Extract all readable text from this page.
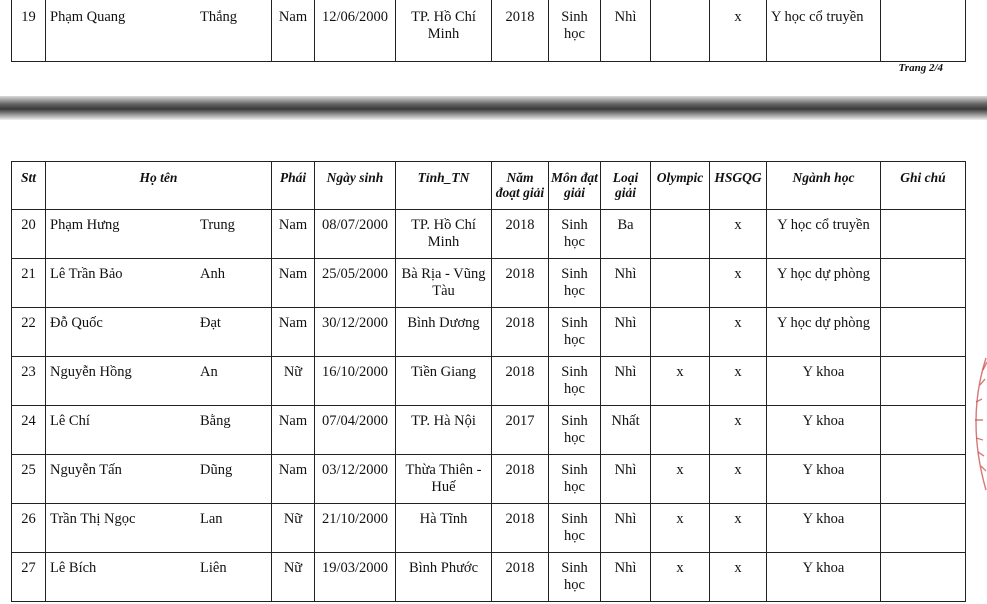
19	Phạm Quang	Thắng	Nam	12/06/2000	TP. Hồ Chí Minh	2018	Sinh học	Nhì		x	Y học cổ truyền	
Trang 2/4
Stt	Họ tên	Phái	Ngày sinh	Tỉnh_TN	Năm đoạt giải	Môn đạt giải	Loại giải	Olympic	HSGQG	Ngành học	Ghi chú
20	Phạm Hưng Trung	Nam	08/07/2000	TP. Hồ Chí Minh	2018	Sinh học	Ba		x	Y học cổ truyền	
21	Lê Trần Bảo Anh	Nam	25/05/2000	Bà Rịa - Vũng Tàu	2018	Sinh học	Nhì		x	Y học dự phòng	
22	Đỗ Quốc Đạt	Nam	30/12/2000	Bình Dương	2018	Sinh học	Nhì		x	Y học dự phòng	
23	Nguyễn Hồng An	Nữ	16/10/2000	Tiền Giang	2018	Sinh học	Nhì	x	x	Y khoa	
24	Lê Chí Bằng	Nam	07/04/2000	TP. Hà Nội	2017	Sinh học	Nhất		x	Y khoa	
25	Nguyễn Tấn Dũng	Nam	03/12/2000	Thừa Thiên - Huế	2018	Sinh học	Nhì	x	x	Y khoa	
26	Trần Thị Ngọc Lan	Nữ	21/10/2000	Hà Tĩnh	2018	Sinh học	Nhì	x	x	Y khoa	
27	Lê Bích Liên	Nữ	19/03/2000	Bình Phước	2018	Sinh học	Nhì	x	x	Y khoa	
